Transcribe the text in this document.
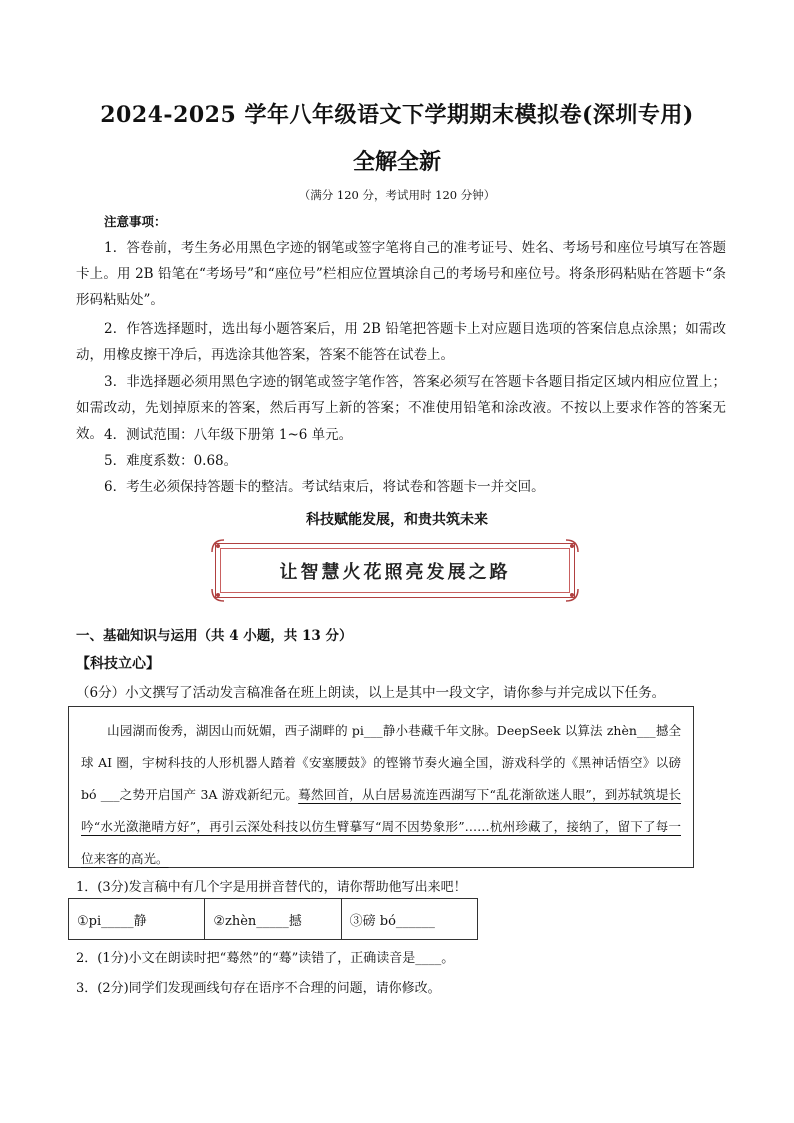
2024-2025 学年八年级语文下学期期末模拟卷(深圳专用)
全解全新
（满分 120 分，考试用时 120 分钟）
注意事项：
1．答卷前，考生务必用黑色字迹的钢笔或签字笔将自己的准考证号、姓名、考场号和座位号填写在答题卡上。用 2B 铅笔在“考场号”和“座位号”栏相应位置填涂自己的考场号和座位号。将条形码粘贴在答题卡“条形码粘贴处”。
2．作答选择题时，选出每小题答案后，用 2B 铅笔把答题卡上对应题目选项的答案信息点涂黑；如需改动，用橡皮擦干净后，再选涂其他答案，答案不能答在试卷上。
3．非选择题必须用黑色字迹的钢笔或签字笔作答，答案必须写在答题卡各题目指定区域内相应位置上；如需改动，先划掉原来的答案，然后再写上新的答案；不准使用铅笔和涂改液。不按以上要求作答的答案无效。 4．测试范围：八年级下册第 1~6 单元。
5．难度系数：0.68。
6．考生必须保持答题卡的整洁。考试结束后，将试卷和答题卡一并交回。
科技赋能发展，和贵共筑未来
让智慧火花照亮发展之路
一、基础知识与运用（共 4 小题，共 13 分）
【科技立心】
（6分）小文撰写了活动发言稿准备在班上朗读，以上是其中一段文字，请你参与并完成以下任务。
山园湖而俊秀，湖因山而妩媚，西子湖畔的 pi___静小巷藏千年文脉。DeepSeek 以算法 zhèn___撼全球 AI 圈，宇树科技的人形机器人踏着《安塞腰鼓》的铿锵节奏火遍全国，游戏科学的《黑神话悟空》以磅 bó ___之势开启国产 3A 游戏新纪元。蓦然回首，从白居易流连西湖写下“乱花渐欲迷人眼”，到苏轼筑堤长吟“水光潋滟晴方好”，再引云深处科技以仿生臂摹写“周不因势象形”……杭州珍藏了，接纳了，留下了每一位来客的高光。
1．(3分)发言稿中有几个字是用拼音替代的，请你帮助他写出来吧！
①pi_____静	②zhèn_____撼	③磅 bó______
2．(1分)小文在朗读时把“蓦然”的“蓦”读错了，正确读音是____。
3．(2分)同学们发现画线句存在语序不合理的问题，请你修改。
